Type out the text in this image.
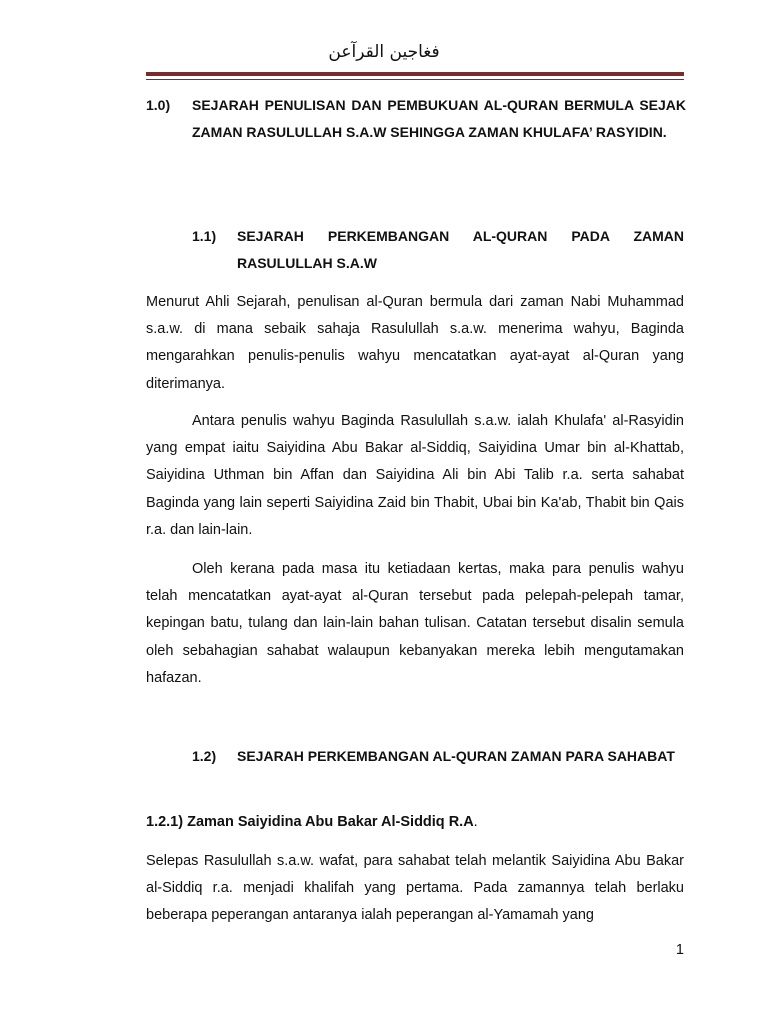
فغاجين القرآعن
1.0) SEJARAH PENULISAN DAN PEMBUKUAN AL-QURAN BERMULA SEJAK ZAMAN RASULULLAH S.A.W SEHINGGA ZAMAN KHULAFA’ RASYIDIN.
1.1) SEJARAH PERKEMBANGAN AL-QURAN PADA ZAMAN RASULULLAH S.A.W

Menurut Ahli Sejarah, penulisan al-Quran bermula dari zaman Nabi Muhammad s.a.w. di mana sebaik sahaja Rasulullah s.a.w. menerima wahyu, Baginda mengarahkan penulis-penulis wahyu mencatatkan ayat-ayat al-Quran yang diterimanya.

Antara penulis wahyu Baginda Rasulullah s.a.w. ialah Khulafa' al-Rasyidin yang empat iaitu Saiyidina Abu Bakar al-Siddiq, Saiyidina Umar bin al-Khattab, Saiyidina Uthman bin Affan dan Saiyidina Ali bin Abi Talib r.a. serta sahabat Baginda yang lain seperti Saiyidina Zaid bin Thabit, Ubai bin Ka'ab, Thabit bin Qais r.a. dan lain-lain.

Oleh kerana pada masa itu ketiadaan kertas, maka para penulis wahyu telah mencatatkan ayat-ayat al-Quran tersebut pada pelepah-pelepah tamar, kepingan batu, tulang dan lain-lain bahan tulisan. Catatan tersebut disalin semula oleh sebahagian sahabat walaupun kebanyakan mereka lebih mengutamakan hafazan.

1.2) SEJARAH PERKEMBANGAN AL-QURAN ZAMAN PARA SAHABAT
1.2.1) Zaman Saiyidina Abu Bakar Al-Siddiq R.A.

Selepas Rasulullah s.a.w. wafat, para sahabat telah melantik Saiyidina Abu Bakar al-Siddiq r.a. menjadi khalifah yang pertama. Pada zamannya telah berlaku beberapa peperangan antaranya ialah peperangan al-Yamamah yang

1
